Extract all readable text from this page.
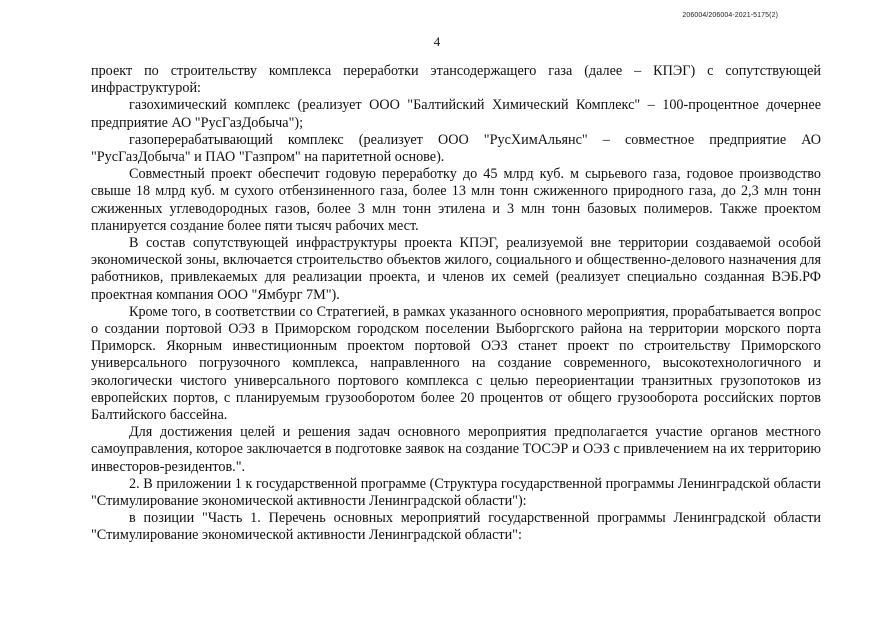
206004/206004-2021-5175(2)
4

проект по строительству комплекса переработки этансодержащего газа (далее – КПЭГ) с сопутствующей инфраструктурой:

газохимический комплекс (реализует ООО "Балтийский Химический Комплекс" – 100-процентное дочернее предприятие АО "РусГазДобыча");

газоперерабатывающий комплекс (реализует ООО "РусХимАльянс" – совместное предприятие АО "РусГазДобыча" и ПАО "Газпром" на паритетной основе).

Совместный проект обеспечит годовую переработку до 45 млрд куб. м сырьевого газа, годовое производство свыше 18 млрд куб. м сухого отбензиненного газа, более 13 млн тонн сжиженного природного газа, до 2,3 млн тонн сжиженных углеводородных газов, более 3 млн тонн этилена и 3 млн тонн базовых полимеров. Также проектом планируется создание более пяти тысяч рабочих мест.

В состав сопутствующей инфраструктуры проекта КПЭГ, реализуемой вне территории создаваемой особой экономической зоны, включается строительство объектов жилого, социального и общественно-делового назначения для работников, привлекаемых для реализации проекта, и членов их семей (реализует специально созданная ВЭБ.РФ проектная компания ООО "Ямбург 7М").

Кроме того, в соответствии со Стратегией, в рамках указанного основного мероприятия, прорабатывается вопрос о создании портовой ОЭЗ в Приморском городском поселении Выборгского района на территории морского порта Приморск. Якорным инвестиционным проектом портовой ОЭЗ станет проект по строительству Приморского универсального погрузочного комплекса, направленного на создание современного, высокотехнологичного и экологически чистого универсального портового комплекса с целью переориентации транзитных грузопотоков из европейских портов, с планируемым грузооборотом более 20 процентов от общего грузооборота российских портов Балтийского бассейна.

Для достижения целей и решения задач основного мероприятия предполагается участие органов местного самоуправления, которое заключается в подготовке заявок на создание ТОСЭР и ОЭЗ с привлечением на их территорию инвесторов-резидентов.".

2. В приложении 1 к государственной программе (Структура государственной программы Ленинградской области "Стимулирование экономической активности Ленинградской области"):

в позиции "Часть 1. Перечень основных мероприятий государственной программы Ленинградской области "Стимулирование экономической активности Ленинградской области":
